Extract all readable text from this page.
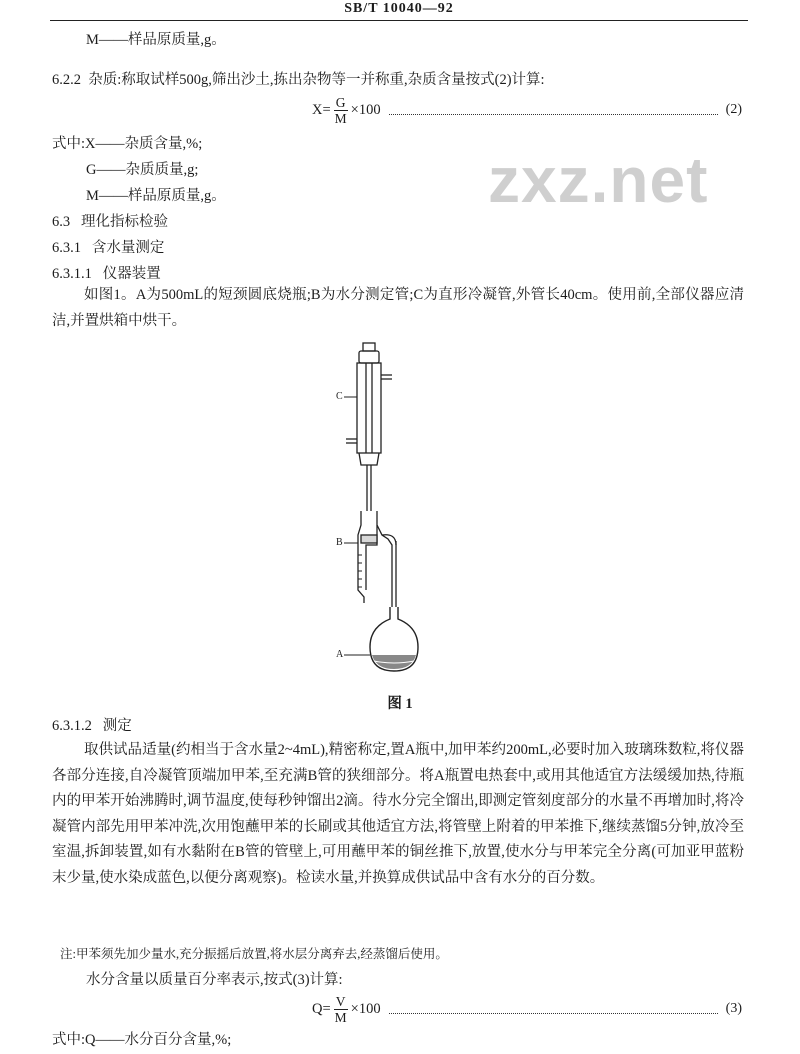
SB/T 10040—92
zxz.net
M——样品原质量,g。
6.2.2 杂质:称取试样500g,筛出沙土,拣出杂物等一并称重,杂质含量按式(2)计算:
$X= \frac{G}{M} \times 100$	(2)
式中:X——杂质含量,%;
G——杂质质量,g;
M——样品原质量,g。
6.3 理化指标检验
6.3.1 含水量测定
6.3.1.1 仪器装置
如图1。A为500mL的短颈圆底烧瓶;B为水分测定管;C为直形冷凝管,外管长40cm。使用前,全部仪器应清洁,并置烘箱中烘干。
C
B
A
图 1
6.3.1.2 测定
取供试品适量(约相当于含水量2~4mL),精密称定,置A瓶中,加甲苯约200mL,必要时加入玻璃珠数粒,将仪器各部分连接,自冷凝管顶端加甲苯,至充满B管的狭细部分。将A瓶置电热套中,或用其他适宜方法缓缓加热,待瓶内的甲苯开始沸腾时,调节温度,使每秒钟馏出2滴。待水分完全馏出,即测定管刻度部分的水量不再增加时,将冷凝管内部先用甲苯冲洗,次用饱蘸甲苯的长刷或其他适宜方法,将管壁上附着的甲苯推下,继续蒸馏5分钟,放冷至室温,拆卸装置,如有水黏附在B管的管壁上,可用蘸甲苯的铜丝推下,放置,使水分与甲苯完全分离(可加亚甲蓝粉末少量,使水染成蓝色,以便分离观察)。检读水量,并换算成供试品中含有水分的百分数。
注:甲苯须先加少量水,充分振摇后放置,将水层分离弃去,经蒸馏后使用。
水分含量以质量百分率表示,按式(3)计算:
$Q= \frac{V}{M} \times 100$	(3)
式中:Q——水分百分含量,%;
